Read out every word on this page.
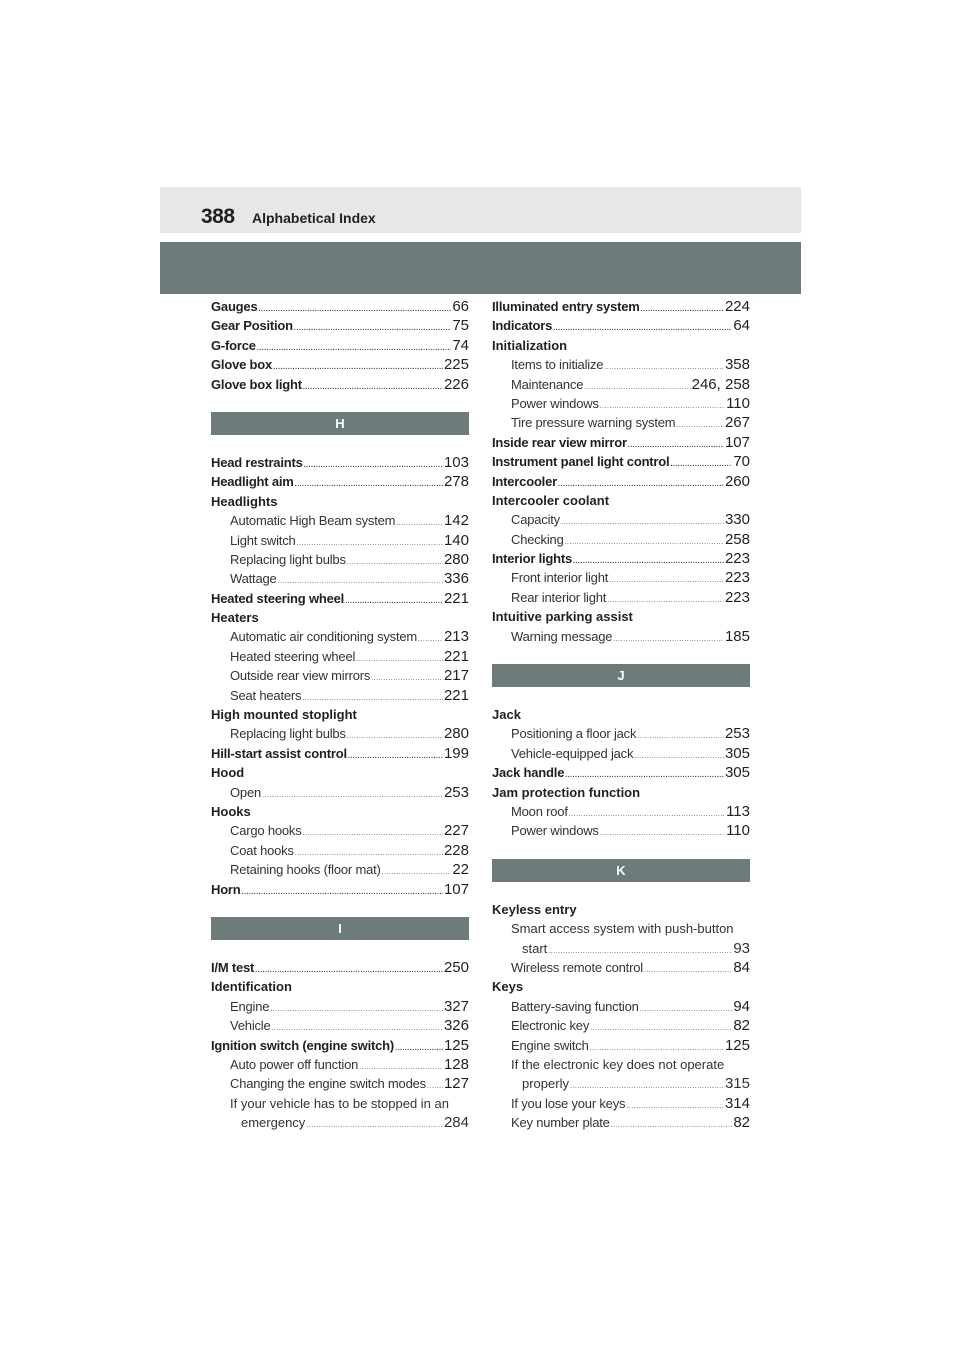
388 Alphabetical Index
Gauges .....	66
Gear Position .....	75
G-force .....	74
Glove box .....	225
Glove box light .....	226
H
Head restraints .....	103
Headlight aim .....	278
Headlights
Automatic High Beam system .....	142
Light switch .....	140
Replacing light bulbs .....	280
Wattage .....	336
Heated steering wheel .....	221
Heaters
Automatic air conditioning system ..... 213
Heated steering wheel .....	221
Outside rear view mirrors .....	217
Seat heaters .....	221
High mounted stoplight
Replacing light bulbs .....	280
Hill-start assist control .....	199
Hood
Open .....	253
Hooks
Cargo hooks .....	227
Coat hooks .....	228
Retaining hooks (floor mat) .....	22
Horn .....	107
I
I/M test .....	250
Identification
Engine .....	327
Vehicle .....	326
Ignition switch (engine switch) .....	125
Auto power off function .....	128
Changing the engine switch modes ..... 127
If your vehicle has to be stopped in an
emergency .....	284
Illuminated entry system .....	224
Indicators .....	64
Initialization
Items to initialize .....	358
Maintenance .....	246, 258
Power windows .....	110
Tire pressure warning system .....	267
Inside rear view mirror .....	107
Instrument panel light control .....	70
Intercooler .....	260
Intercooler coolant
Capacity .....	330
Checking .....	258
Interior lights .....	223
Front interior light .....	223
Rear interior light .....	223
Intuitive parking assist
Warning message .....	185
J
Jack
Positioning a floor jack .....	253
Vehicle-equipped jack .....	305
Jack handle .....	305
Jam protection function
Moon roof .....	113
Power windows .....	110
K
Keyless entry
Smart access system with push-button
start .....	93
Wireless remote control .....	84
Keys
Battery-saving function .....	94
Electronic key .....	82
Engine switch .....	125
If the electronic key does not operate
properly .....	315
If you lose your keys .....	314
Key number plate .....	82
